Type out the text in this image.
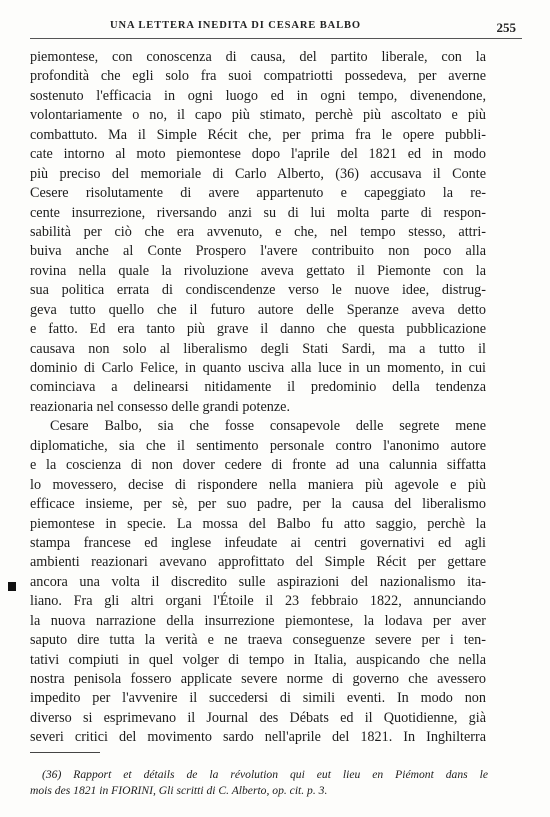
UNA LETTERA INEDITA DI CESARE BALBO	255
piemontese, con conoscenza di causa, del partito liberale, con la
profondità che egli solo fra suoi compatriotti possedeva, per averne
sostenuto l'efficacia in ogni luogo ed in ogni tempo, divenendone,
volontariamente o no, il capo più stimato, perchè più ascoltato e più
combattuto. Ma il Simple Récit che, per prima fra le opere pubbli-
cate intorno al moto piemontese dopo l'aprile del 1821 ed in modo
più preciso del memoriale di Carlo Alberto, (36) accusava il Conte
Cesere risolutamente di avere appartenuto e capeggiato la re-
cente insurrezione, riversando anzi su di lui molta parte di respon-
sabilità per ciò che era avvenuto, e che, nel tempo stesso, attri-
buiva anche al Conte Prospero l'avere contribuito non poco alla
rovina nella quale la rivoluzione aveva gettato il Piemonte con la
sua politica errata di condiscendenze verso le nuove idee, distrug-
geva tutto quello che il futuro autore delle Speranze aveva detto
e fatto. Ed era tanto più grave il danno che questa pubblicazione
causava non solo al liberalismo degli Stati Sardi, ma a tutto il
dominio di Carlo Felice, in quanto usciva alla luce in un momento, in cui
cominciava a delinearsi nitidamente il predominio della tendenza
reazionaria nel consesso delle grandi potenze.
Cesare Balbo, sia che fosse consapevole delle segrete mene
diplomatiche, sia che il sentimento personale contro l'anonimo autore
e la coscienza di non dover cedere di fronte ad una calunnia siffatta
lo movessero, decise di rispondere nella maniera più agevole e più
efficace insieme, per sè, per suo padre, per la causa del liberalismo
piemontese in specie. La mossa del Balbo fu atto saggio, perchè la
stampa francese ed inglese infeudate ai centri governativi ed agli
ambienti reazionari avevano approfittato del Simple Récit per gettare
ancora una volta il discredito sulle aspirazioni del nazionalismo ita-
liano. Fra gli altri organi l'Étoile il 23 febbraio 1822, annunciando
la nuova narrazione della insurrezione piemontese, la lodava per aver
saputo dire tutta la verità e ne traeva conseguenze severe per i ten-
tativi compiuti in quel volger di tempo in Italia, auspicando che nella
nostra penisola fossero applicate severe norme di governo che avessero
impedito per l'avvenire il succedersi di simili eventi. In modo non
diverso si esprimevano il Journal des Débats ed il Quotidienne, già
severi critici del movimento sardo nell'aprile del 1821. In Inghilterra
(36) Rapport et détails de la révolution qui eut lieu en Piémont dans le
mois des 1821 in FIORINI, Gli scritti di C. Alberto, op. cit. p. 3.
